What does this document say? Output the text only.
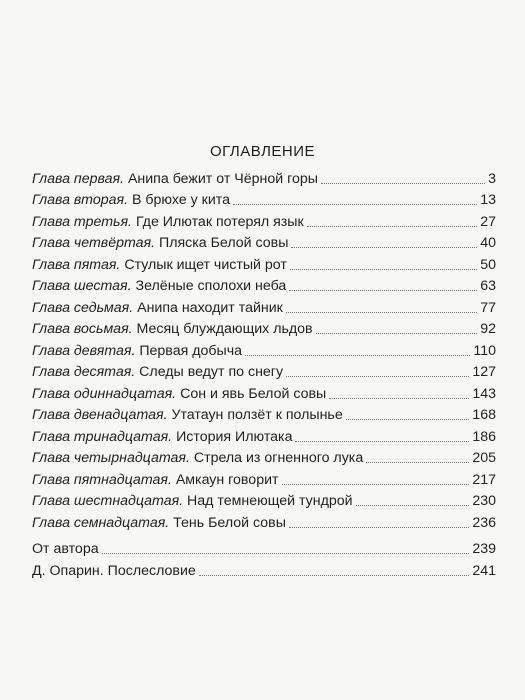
ОГЛАВЛЕНИЕ
Глава первая. Анипа бежит от Чёрной горы	3
Глава вторая. В брюхе у кита	13
Глава третья. Где Илютак потерял язык	27
Глава четвёртая. Пляска Белой совы	40
Глава пятая. Стулык ищет чистый рот	50
Глава шестая. Зелёные сполохи неба	63
Глава седьмая. Анипа находит тайник	77
Глава восьмая. Месяц блуждающих льдов	92
Глава девятая. Первая добыча	110
Глава десятая. Следы ведут по снегу	127
Глава одиннадцатая. Сон и явь Белой совы	143
Глава двенадцатая. Утатаун ползёт к полынье	168
Глава тринадцатая. История Илютака	186
Глава четырнадцатая. Стрела из огненного лука	205
Глава пятнадцатая. Амкаун говорит	217
Глава шестнадцатая. Над темнеющей тундрой	230
Глава семнадцатая. Тень Белой совы	236
От автора	239
Д. Опарин. Послесловие	241
